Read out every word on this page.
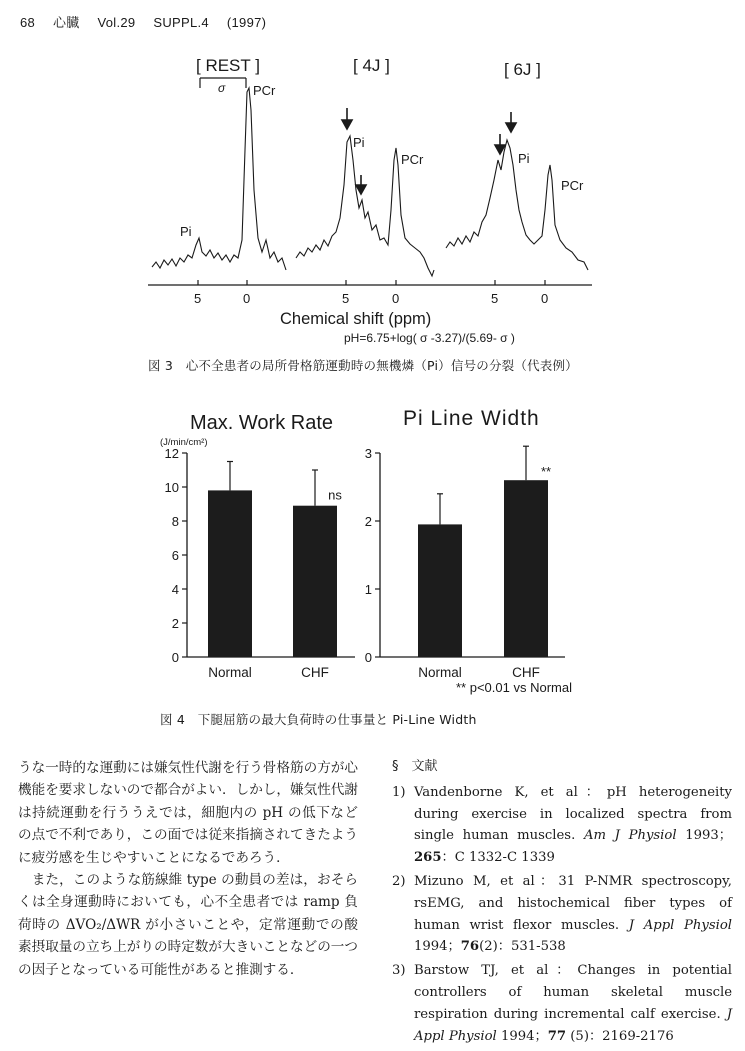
68 心臓 Vol.29 SUPPL.4 (1997)
[ REST ]	[ 4J ]	[ 6J ]
σ PCr
Pi
Pi
PCr	Pi
PCr
5	0	5	0	5	0
Chemical shift (ppm)
pH=6.75+log( σ -3.27)/(5.69- σ )
図 3　心不全患者の局所骨格筋運動時の無機燐（Pi）信号の分裂（代表例）
Max. Work Rate
(J/min/cm²)
Pi Line Width
** p<0.01 vs Normal
0
2
4
6
8
10
12
Normal	CHF
ns
0
1
2
3
Normal	CHF
**
図 4　下腿屈筋の最大負荷時の仕事量と Pi-Line Width

うな一時的な運動には嫌気性代謝を行う骨格筋の方が心機能を要求しないので都合がよい．しかし，嫌気性代謝は持続運動を行ううえでは，細胞内の pH の低下などの点で不利であり，この面では従来指摘されてきたように疲労感を生じやすいことになるであろう．

　また，このような筋線維 type の動員の差は，おそらくは全身運動時においても，心不全患者では ramp 負荷時の ΔVO₂/ΔWR が小さいことや，定常運動での酸素摂取量の立ち上がりの時定数が大きいことなどの一つの因子となっている可能性があると推測する．

§　文献
1) Vandenborne K, et al：pH heterogeneity during exercise in localized spectra from single human muscles. Am J Physiol 1993；265：C 1332-C 1339
2) Mizuno M, et al：31 P-NMR spectroscopy, rsEMG, and histochemical fiber types of human wrist flexor muscles. J Appl Physiol 1994；76(2)：531-538
3) Barstow TJ, et al：Changes in potential controllers of human skeletal muscle respiration during incremental calf exercise. J Appl Physiol 1994；77 (5)：2169-2176
